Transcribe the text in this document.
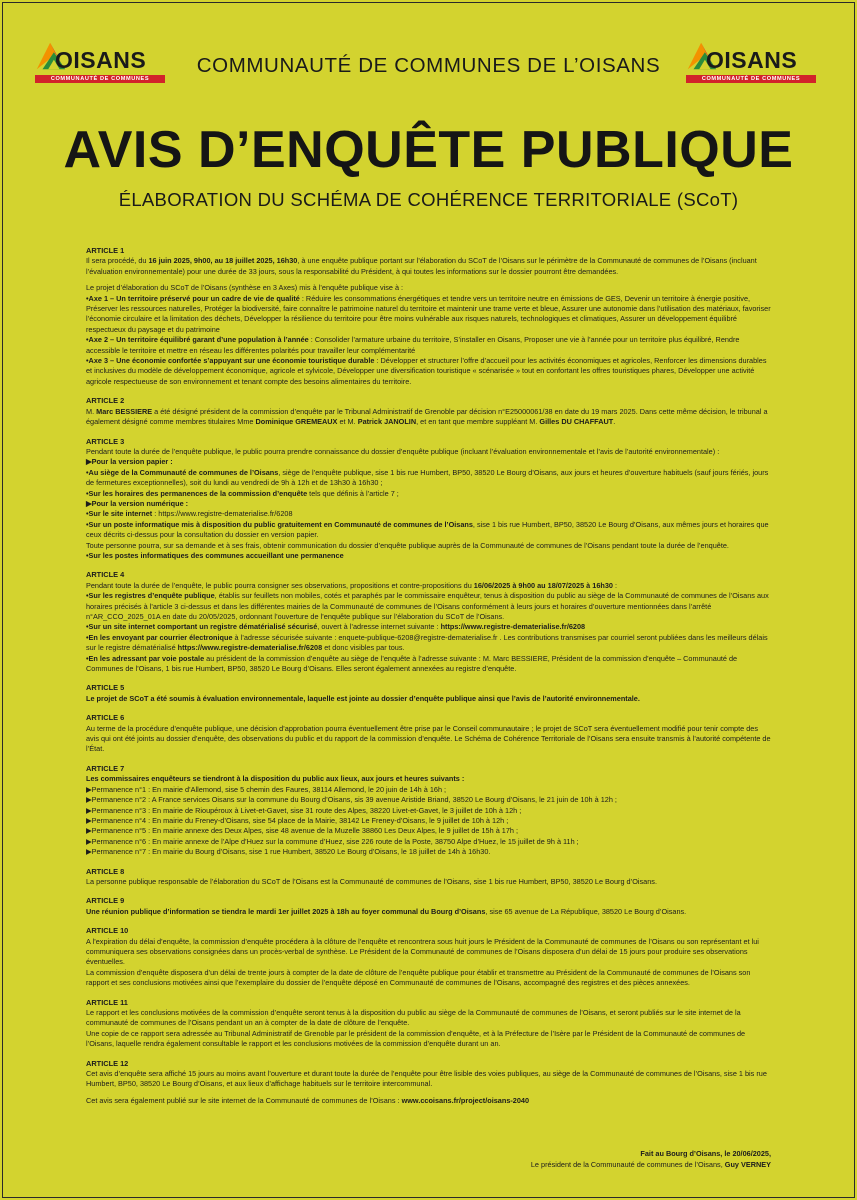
OISANS
COMMUNAUTÉ DE COMMUNES
OISANS
COMMUNAUTÉ DE COMMUNES
COMMUNAUTÉ DE COMMUNES DE L’OISANS
AVIS D’ENQUÊTE PUBLIQUE
ÉLABORATION DU SCHÉMA DE COHÉRENCE TERRITORIALE (SCoT)
ARTICLE 1

Il sera procédé, du 16 juin 2025, 9h00, au 18 juillet 2025, 16h30, à une enquête publique portant sur l’élaboration du SCoT de l’Oisans sur le périmètre de la Communauté de communes de l’Oisans (incluant l’évaluation environnementale) pour une durée de 33 jours, sous la responsabilité du Président, à qui toutes les informations sur le dossier pourront être demandées.

Le projet d’élaboration du SCoT de l’Oisans (synthèse en 3 Axes) mis à l’enquête publique vise à :
•Axe 1 – Un territoire préservé pour un cadre de vie de qualité : Réduire les consommations énergétiques et tendre vers un territoire neutre en émissions de GES, Devenir un territoire à énergie positive, Préserver les ressources naturelles, Protéger la biodiversité, faire connaître le patrimoine naturel du territoire et maintenir une trame verte et bleue, Assurer une autonomie dans l’utilisation des matériaux, favoriser l’économie circulaire et la limitation des déchets, Développer la résilience du territoire pour être moins vulnérable aux risques naturels, technologiques et climatiques, Assurer un développement équilibré respectueux du paysage et du patrimoine
•Axe 2 – Un territoire équilibré garant d’une population à l’année : Consolider l’armature urbaine du territoire, S’installer en Oisans, Proposer une vie à l’année pour un territoire plus équilibré, Rendre accessible le territoire et mettre en réseau les différentes polarités pour travailler leur complémentarité
•Axe 3 – Une économie confortée s’appuyant sur une économie touristique durable : Développer et structurer l’offre d’accueil pour les activités économiques et agricoles, Renforcer les dimensions durables et inclusives du modèle de développement économique, agricole et sylvicole, Développer une diversification touristique « scénarisée » tout en confortant les offres touristiques phares, Développer une activité agricole respectueuse de son environnement et tenant compte des besoins alimentaires du territoire.

ARTICLE 2

M. Marc BESSIERE a été désigné président de la commission d’enquête par le Tribunal Administratif de Grenoble par décision n°E25000061/38 en date du 19 mars 2025. Dans cette même décision, le tribunal a également désigné comme membres titulaires Mme Dominique GREMEAUX et M. Patrick JANOLIN, et en tant que membre suppléant M. Gilles DU CHAFFAUT.

ARTICLE 3

Pendant toute la durée de l’enquête publique, le public pourra prendre connaissance du dossier d’enquête publique (incluant l’évaluation environnementale et l’avis de l’autorité environnementale) :
▶Pour la version papier :
•Au siège de la Communauté de communes de l’Oisans, siège de l’enquête publique, sise 1 bis rue Humbert, BP50, 38520 Le Bourg d’Oisans, aux jours et heures d’ouverture habituels (sauf jours fériés, jours de fermetures exceptionnelles), soit du lundi au vendredi de 9h à 12h et de 13h30 à 16h30 ;
•Sur les horaires des permanences de la commission d’enquête tels que définis à l’article 7 ;
▶Pour la version numérique :
•Sur le site internet : https://www.registre-dematerialise.fr/6208
•Sur un poste informatique mis à disposition du public gratuitement en Communauté de communes de l’Oisans, sise 1 bis rue Humbert, BP50, 38520 Le Bourg d’Oisans, aux mêmes jours et horaires que ceux décrits ci-dessus pour la consultation du dossier en version papier.
Toute personne pourra, sur sa demande et à ses frais, obtenir communication du dossier d’enquête publique auprès de la Communauté de communes de l’Oisans pendant toute la durée de l’enquête.
•Sur les postes informatiques des communes accueillant une permanence

ARTICLE 4

Pendant toute la durée de l’enquête, le public pourra consigner ses observations, propositions et contre-propositions du 16/06/2025 à 9h00 au 18/07/2025 à 16h30 :
•Sur les registres d’enquête publique, établis sur feuillets non mobiles, cotés et paraphés par le commissaire enquêteur, tenus à disposition du public au siège de la Communauté de communes de l’Oisans aux horaires précisés à l’article 3 ci-dessus et dans les différentes mairies de la Communauté de communes de l’Oisans conformément à leurs jours et horaires d’ouverture mentionnées dans l’arrêté n°AR_CCO_2025_01A en date du 20/05/2025, ordonnant l’ouverture de l’enquête publique sur l’élaboration du SCoT de l’Oisans.
•Sur un site internet comportant un registre dématérialisé sécurisé, ouvert à l’adresse internet suivante : https://www.registre-dematerialise.fr/6208
•En les envoyant par courrier électronique à l’adresse sécurisée suivante : enquete-publique-6208@registre-dematerialise.fr . Les contributions transmises par courriel seront publiées dans les meilleurs délais sur le registre dématérialisé https://www.registre-dematerialise.fr/6208 et donc visibles par tous.
•En les adressant par voie postale au président de la commission d’enquête au siège de l’enquête à l’adresse suivante : M. Marc BESSIERE, Président de la commission d’enquête – Communauté de Communes de l’Oisans, 1 bis rue Humbert, BP50, 38520 Le Bourg d’Oisans. Elles seront également annexées au registre d’enquête.

ARTICLE 5

Le projet de SCoT a été soumis à évaluation environnementale, laquelle est jointe au dossier d’enquête publique ainsi que l’avis de l’autorité environnementale.

ARTICLE 6

Au terme de la procédure d’enquête publique, une décision d’approbation pourra éventuellement être prise par le Conseil communautaire ; le projet de SCoT sera éventuellement modifié pour tenir compte des avis qui ont été joints au dossier d’enquête, des observations du public et du rapport de la commission d’enquête. Le Schéma de Cohérence Territoriale de l’Oisans sera ensuite transmis à l’autorité compétente de l’État.

ARTICLE 7

Les commissaires enquêteurs se tiendront à la disposition du public aux lieux, aux jours et heures suivants :
▶Permanence n°1 : En mairie d’Allemond, sise 5 chemin des Faures, 38114 Allemond, le 20 juin de 14h à 16h ;
▶Permanence n°2 : A France services Oisans sur la commune du Bourg d’Oisans, sis 39 avenue Aristide Briand, 38520 Le Bourg d’Oisans, le 21 juin de 10h à 12h ;
▶Permanence n°3 : En mairie de Rioupéroux à Livet-et-Gavet, sise 31 route des Alpes, 38220 Livet-et-Gavet, le 3 juillet de 10h à 12h ;
▶Permanence n°4 : En mairie du Freney-d’Oisans, sise 54 place de la Mairie, 38142 Le Freney-d’Oisans, le 9 juillet de 10h à 12h ;
▶Permanence n°5 : En mairie annexe des Deux Alpes, sise 48 avenue de la Muzelle 38860 Les Deux Alpes, le 9 juillet de 15h à 17h ;
▶Permanence n°6 : En mairie annexe de l’Alpe d’Huez sur la commune d’Huez, sise 226 route de la Poste, 38750 Alpe d’Huez, le 15 juillet de 9h à 11h ;
▶Permanence n°7 : En mairie du Bourg d’Oisans, sise 1 rue Humbert, 38520 Le Bourg d’Oisans, le 18 juillet de 14h à 16h30.

ARTICLE 8

La personne publique responsable de l’élaboration du SCoT de l’Oisans est la Communauté de communes de l’Oisans, sise 1 bis rue Humbert, BP50, 38520 Le Bourg d’Oisans.

ARTICLE 9

Une réunion publique d’information se tiendra le mardi 1er juillet 2025 à 18h au foyer communal du Bourg d’Oisans, sise 65 avenue de La République, 38520 Le Bourg d’Oisans.

ARTICLE 10

A l’expiration du délai d’enquête, la commission d’enquête procédera à la clôture de l’enquête et rencontrera sous huit jours le Président de la Communauté de communes de l’Oisans ou son représentant et lui communiquera ses observations consignées dans un procès-verbal de synthèse. Le Président de la Communauté de communes de l’Oisans disposera d’un délai de 15 jours pour produire ses observations éventuelles.
La commission d’enquête disposera d’un délai de trente jours à compter de la date de clôture de l’enquête publique pour établir et transmettre au Président de la Communauté de communes de l’Oisans son rapport et ses conclusions motivées ainsi que l’exemplaire du dossier de l’enquête déposé en Communauté de communes de l’Oisans, accompagné des registres et des pièces annexées.

ARTICLE 11

Le rapport et les conclusions motivées de la commission d’enquête seront tenus à la disposition du public au siège de la Communauté de communes de l’Oisans, et seront publiés sur le site internet de la communauté de communes de l’Oisans pendant un an à compter de la date de clôture de l’enquête.
Une copie de ce rapport sera adressée au Tribunal Administratif de Grenoble par le président de la commission d’enquête, et à la Préfecture de l’Isère par le Président de la Communauté de communes de l’Oisans, laquelle rendra également consultable le rapport et les conclusions motivées de la commission d’enquête durant un an.

ARTICLE 12

Cet avis d’enquête sera affiché 15 jours au moins avant l’ouverture et durant toute la durée de l’enquête pour être lisible des voies publiques, au siège de la Communauté de communes de l’Oisans, sise 1 bis rue Humbert, BP50, 38520 Le Bourg d’Oisans, et aux lieux d’affichage habituels sur le territoire intercommunal.

Cet avis sera également publié sur le site internet de la Communauté de communes de l’Oisans : www.ccoisans.fr/project/oisans-2040

Fait au Bourg d’Oisans, le 20/06/2025,
Le président de la Communauté de communes de l’Oisans, Guy VERNEY
